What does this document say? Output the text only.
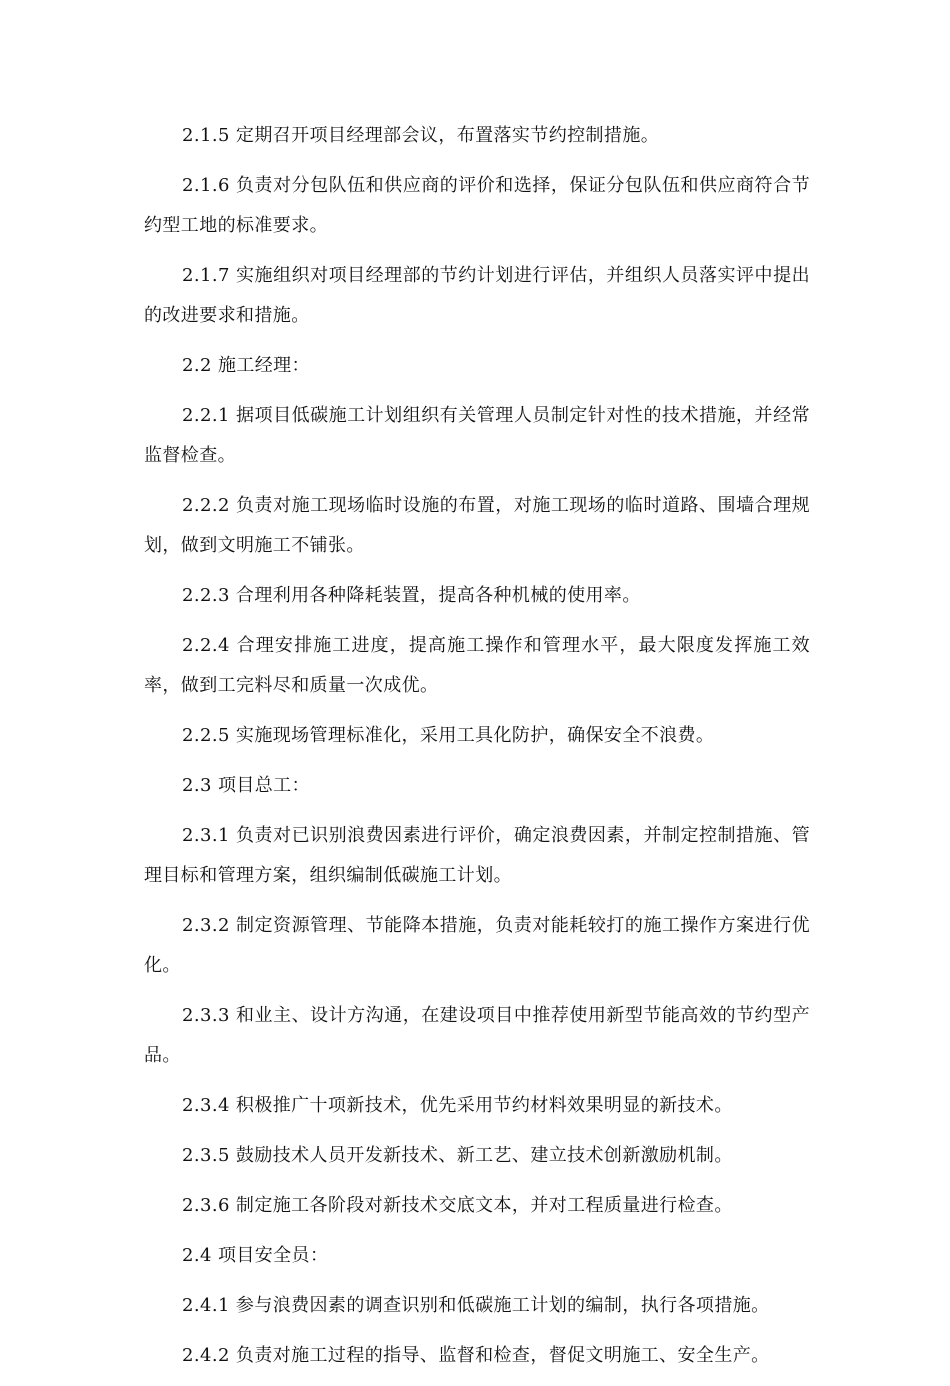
2.1.5 定期召开项目经理部会议，布置落实节约控制措施。

2.1.6 负责对分包队伍和供应商的评价和选择，保证分包队伍和供应商符合节约型工地的标准要求。

2.1.7 实施组织对项目经理部的节约计划进行评估，并组织人员落实评中提出的改进要求和措施。

2.2 施工经理：

2.2.1 据项目低碳施工计划组织有关管理人员制定针对性的技术措施，并经常监督检查。

2.2.2 负责对施工现场临时设施的布置，对施工现场的临时道路、围墙合理规划，做到文明施工不铺张。

2.2.3 合理利用各种降耗装置，提高各种机械的使用率。

2.2.4 合理安排施工进度，提高施工操作和管理水平，最大限度发挥施工效率，做到工完料尽和质量一次成优。

2.2.5 实施现场管理标准化，采用工具化防护，确保安全不浪费。

2.3 项目总工：

2.3.1 负责对已识别浪费因素进行评价，确定浪费因素，并制定控制措施、管理目标和管理方案，组织编制低碳施工计划。

2.3.2 制定资源管理、节能降本措施，负责对能耗较打的施工操作方案进行优化。

2.3.3 和业主、设计方沟通，在建设项目中推荐使用新型节能高效的节约型产品。

2.3.4 积极推广十项新技术，优先采用节约材料效果明显的新技术。

2.3.5 鼓励技术人员开发新技术、新工艺、建立技术创新激励机制。

2.3.6 制定施工各阶段对新技术交底文本，并对工程质量进行检查。

2.4 项目安全员：

2.4.1 参与浪费因素的调查识别和低碳施工计划的编制，执行各项措施。

2.4.2 负责对施工过程的指导、监督和检查，督促文明施工、安全生产。
